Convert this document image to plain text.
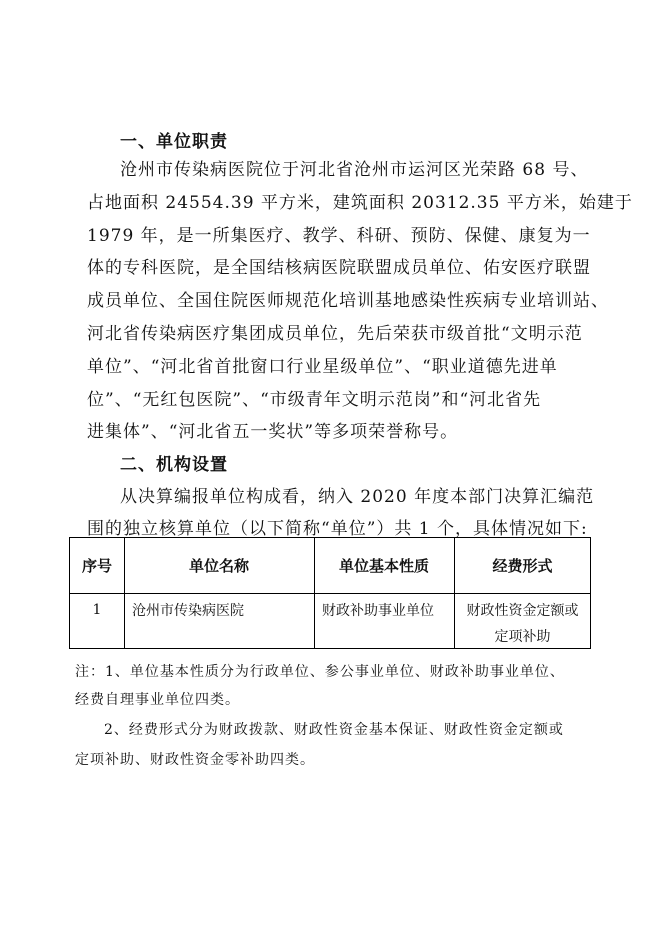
一、单位职责
沧州市传染病医院位于河北省沧州市运河区光荣路 68 号、
占地面积 24554.39 平方米，建筑面积 20312.35 平方米，始建于
1979 年，是一所集医疗、教学、科研、预防、保健、康复为一
体的专科医院，是全国结核病医院联盟成员单位、佑安医疗联盟
成员单位、全国住院医师规范化培训基地感染性疾病专业培训站、
河北省传染病医疗集团成员单位，先后荣获市级首批“文明示范
单位”、“河北省首批窗口行业星级单位”、“职业道德先进单
位”、“无红包医院”、“市级青年文明示范岗”和“河北省先
进集体”、“河北省五一奖状”等多项荣誉称号。
二、机构设置
从决算编报单位构成看，纳入 2020 年度本部门决算汇编范
围的独立核算单位（以下简称“单位”）共 1 个，具体情况如下:
序号	单位名称	单位基本性质	经费形式
1	沧州市传染病医院	财政补助事业单位	财政性资金定额或
定项补助
注：1、单位基本性质分为行政单位、参公事业单位、财政补助事业单位、
经费自理事业单位四类。
2、经费形式分为财政拨款、财政性资金基本保证、财政性资金定额或
定项补助、财政性资金零补助四类。
